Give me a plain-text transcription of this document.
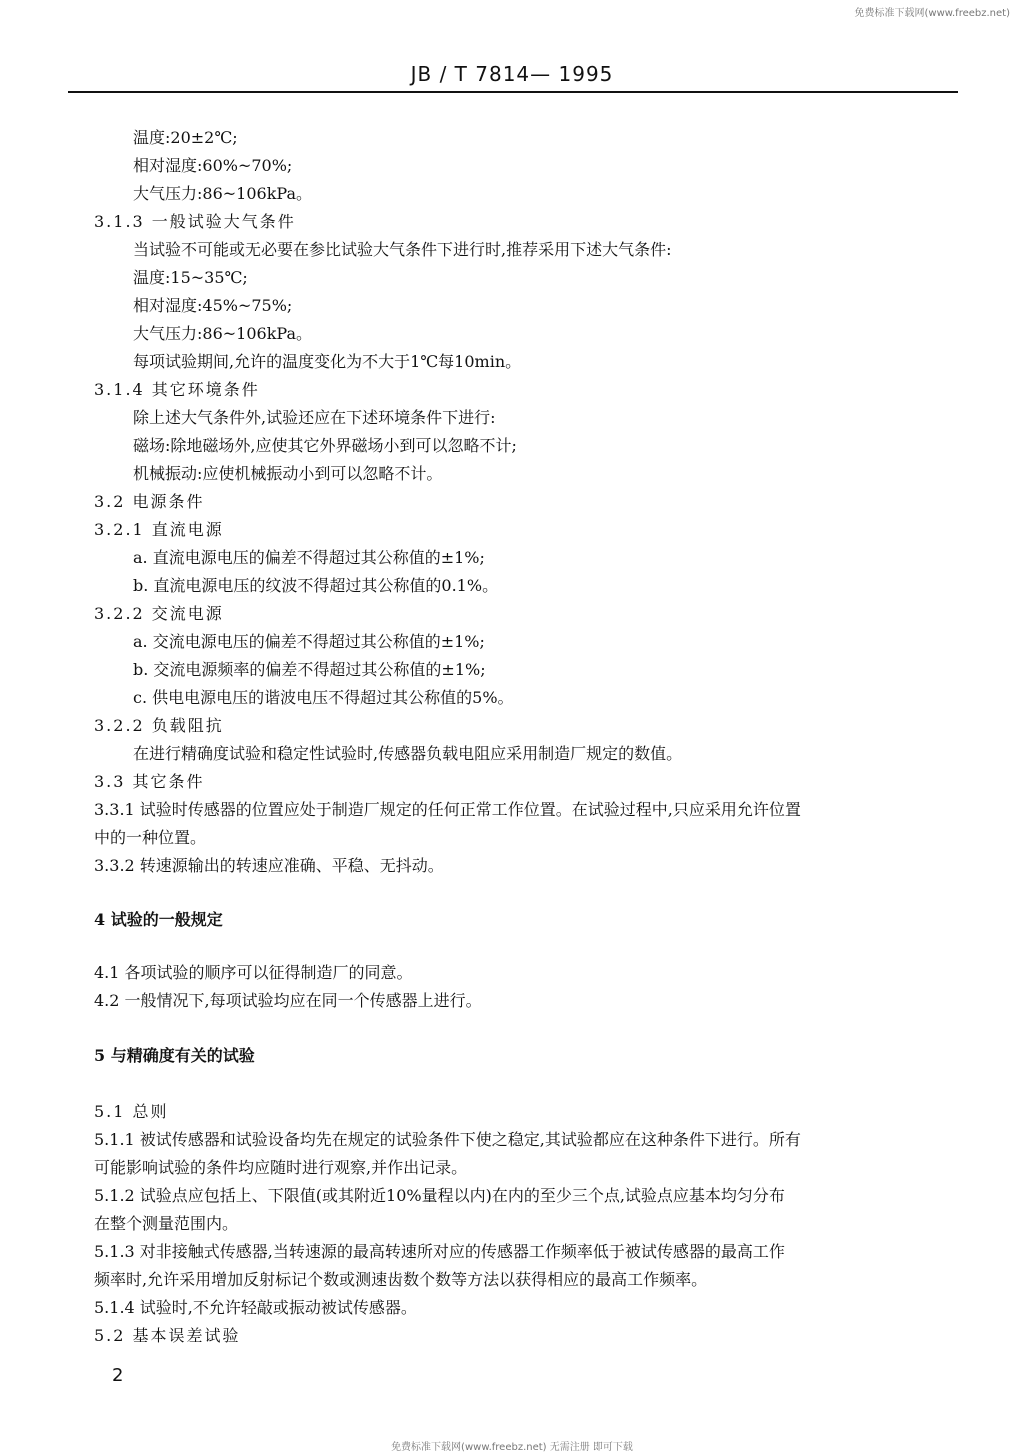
免费标准下载网(www.freebz.net)
JB / T 7814— 1995
温度:20±2℃;
相对湿度:60%~70%;
大气压力:86~106kPa。
3.1.3 一般试验大气条件
当试验不可能或无必要在参比试验大气条件下进行时,推荐采用下述大气条件:
温度:15~35℃;
相对湿度:45%~75%;
大气压力:86~106kPa。
每项试验期间,允许的温度变化为不大于1℃每10min。
3.1.4 其它环境条件
除上述大气条件外,试验还应在下述环境条件下进行:
磁场:除地磁场外,应使其它外界磁场小到可以忽略不计;
机械振动:应使机械振动小到可以忽略不计。
3.2 电源条件
3.2.1 直流电源
a. 直流电源电压的偏差不得超过其公称值的±1%;
b. 直流电源电压的纹波不得超过其公称值的0.1%。
3.2.2 交流电源
a. 交流电源电压的偏差不得超过其公称值的±1%;
b. 交流电源频率的偏差不得超过其公称值的±1%;
c. 供电电源电压的谐波电压不得超过其公称值的5%。
3.2.2 负载阻抗
在进行精确度试验和稳定性试验时,传感器负载电阻应采用制造厂规定的数值。
3.3 其它条件
3.3.1 试验时传感器的位置应处于制造厂规定的任何正常工作位置。在试验过程中,只应采用允许位置
中的一种位置。
3.3.2 转速源输出的转速应准确、平稳、无抖动。
4 试验的一般规定
4.1 各项试验的顺序可以征得制造厂的同意。
4.2 一般情况下,每项试验均应在同一个传感器上进行。
5 与精确度有关的试验
5.1 总则
5.1.1 被试传感器和试验设备均先在规定的试验条件下使之稳定,其试验都应在这种条件下进行。所有
可能影响试验的条件均应随时进行观察,并作出记录。
5.1.2 试验点应包括上、下限值(或其附近10%量程以内)在内的至少三个点,试验点应基本均匀分布
在整个测量范围内。
5.1.3 对非接触式传感器,当转速源的最高转速所对应的传感器工作频率低于被试传感器的最高工作
频率时,允许采用增加反射标记个数或测速齿数个数等方法以获得相应的最高工作频率。
5.1.4 试验时,不允许轻敲或振动被试传感器。
5.2 基本误差试验
2
免费标准下载网(www.freebz.net) 无需注册 即可下载
